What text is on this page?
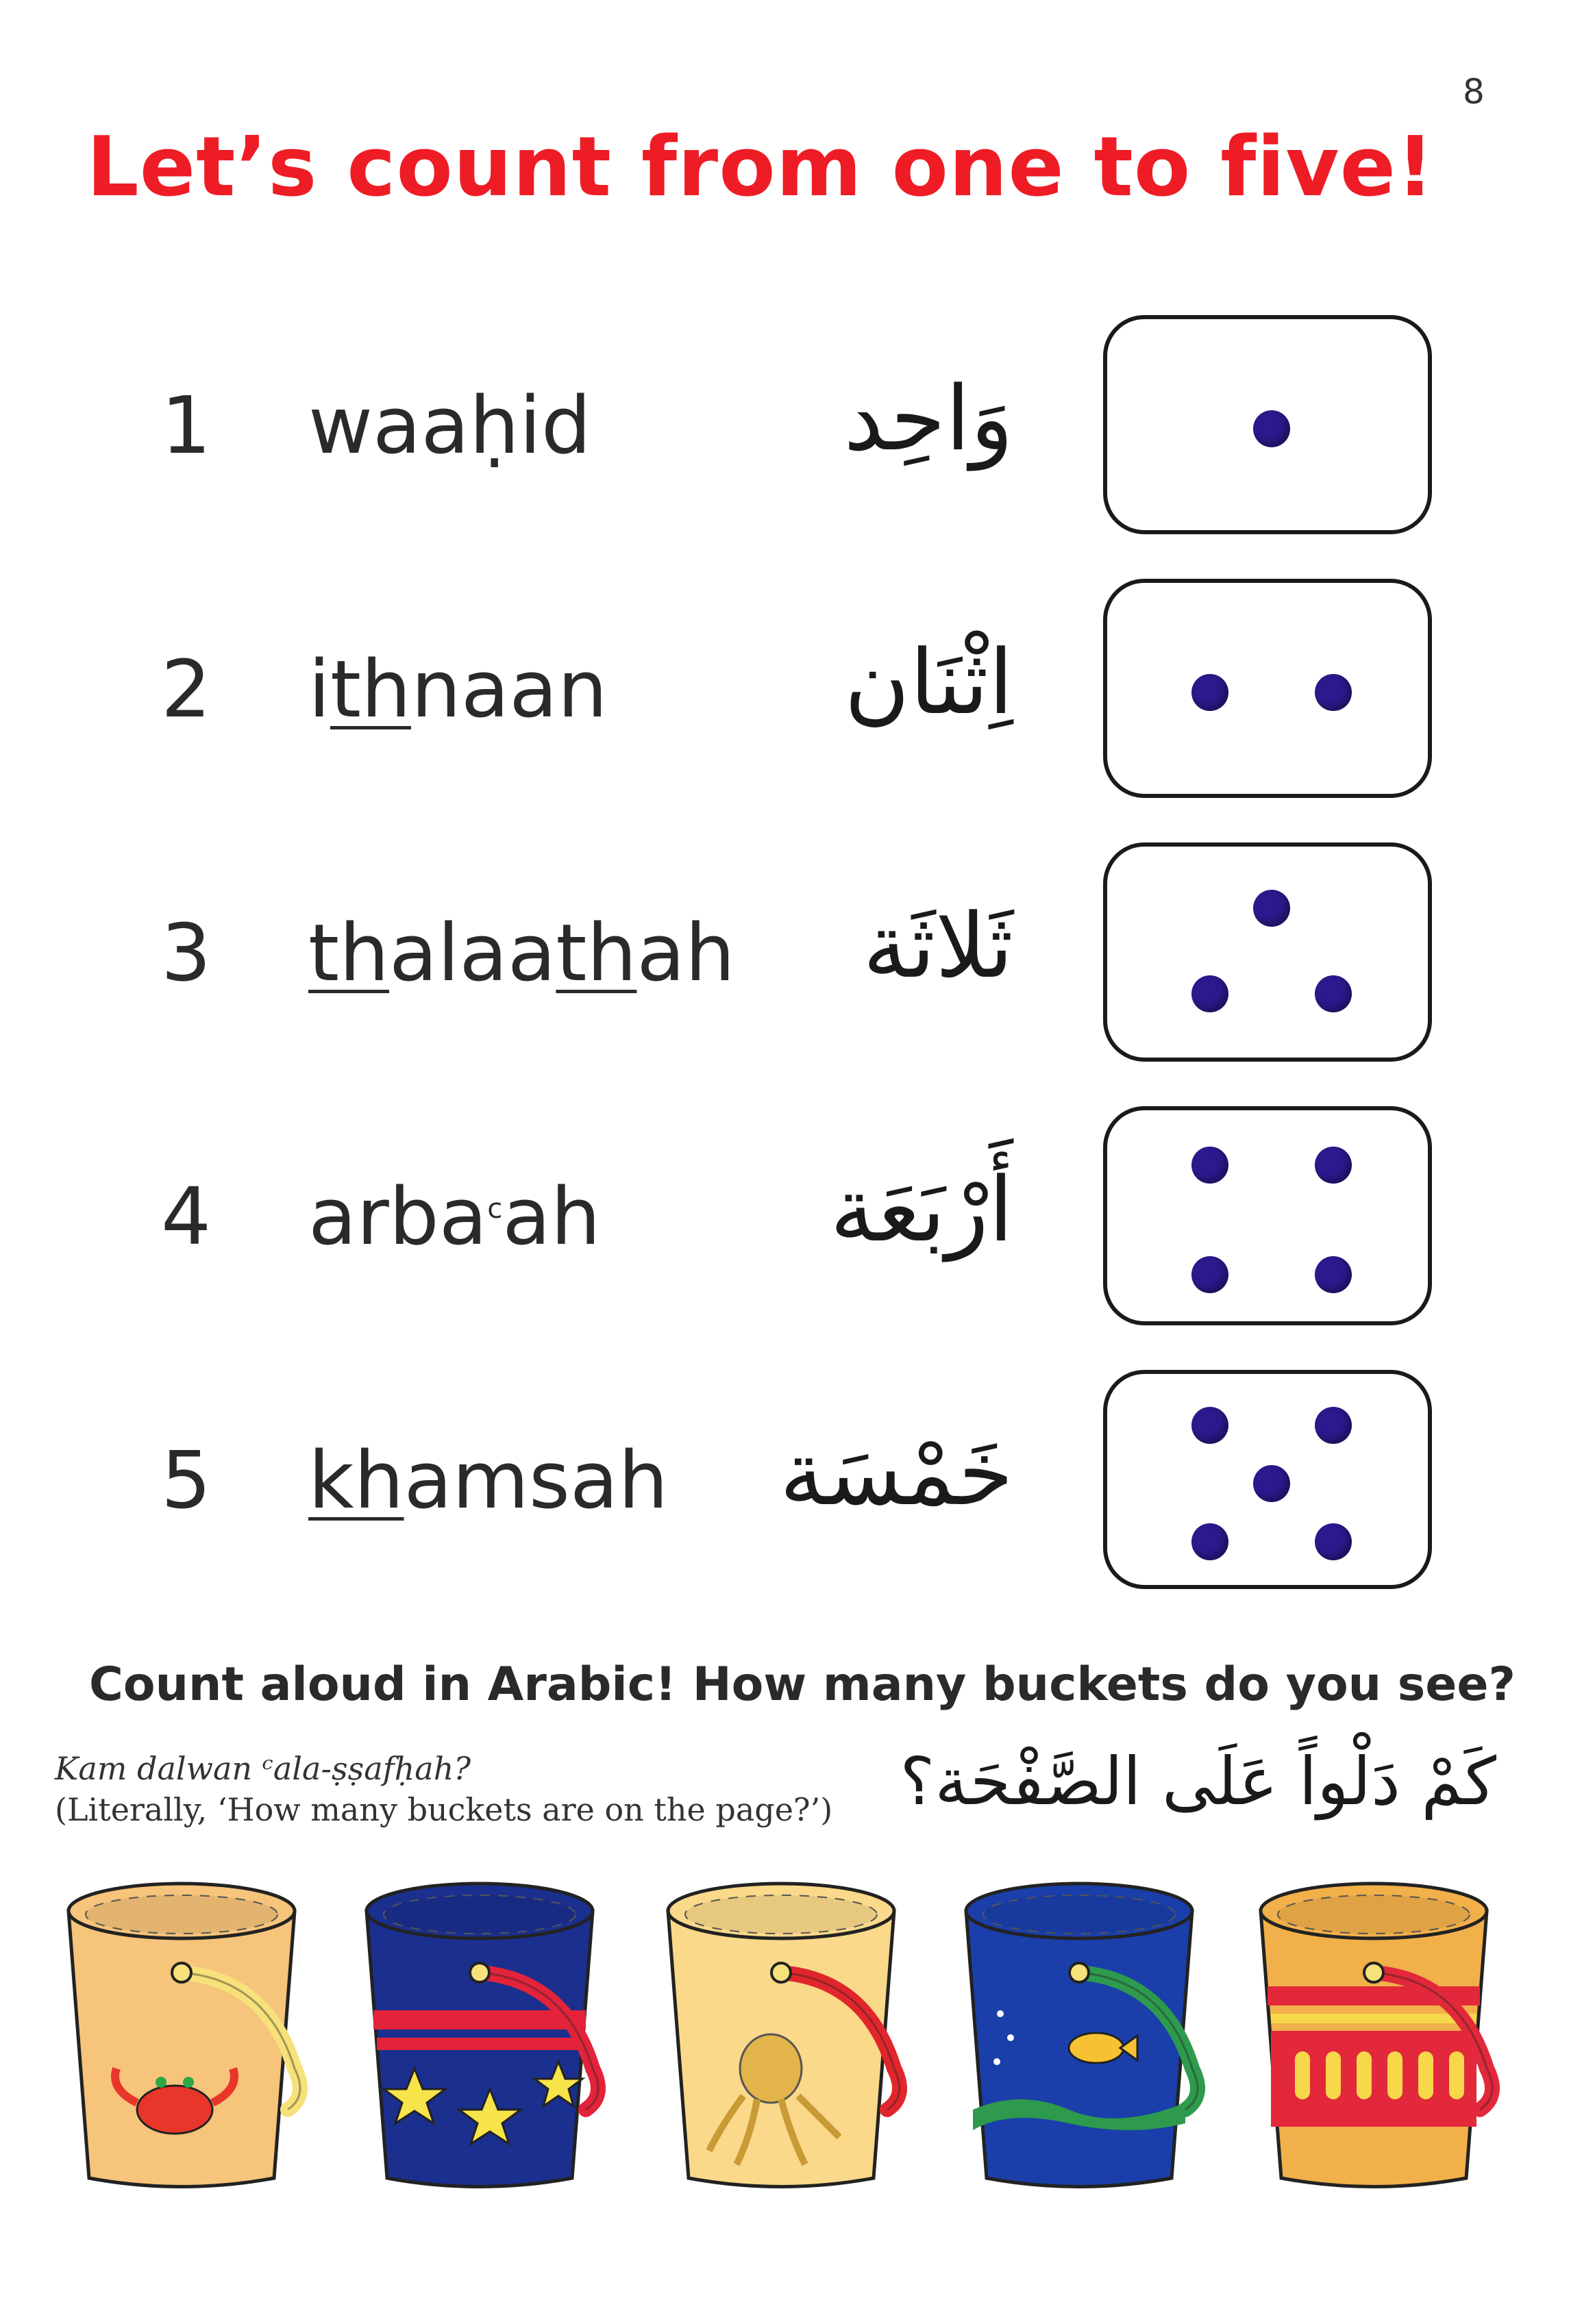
8
Let’s count from one to five!
1 waaḥid	وَاحِد
2 ithnaan	اِثْنَان
3 thalaathah ثَلاثَة
4 arba$^c$ah	أَرْبَعَة
5 khamsah خَمْسَة
Count aloud in Arabic! How many buckets do you see?
Kam dalwan ᶜala-ṣṣafḥah?
(Literally, ‘How many buckets are on the page?’) كَمْ دَلْواً عَلَى الصَّفْحَة؟
